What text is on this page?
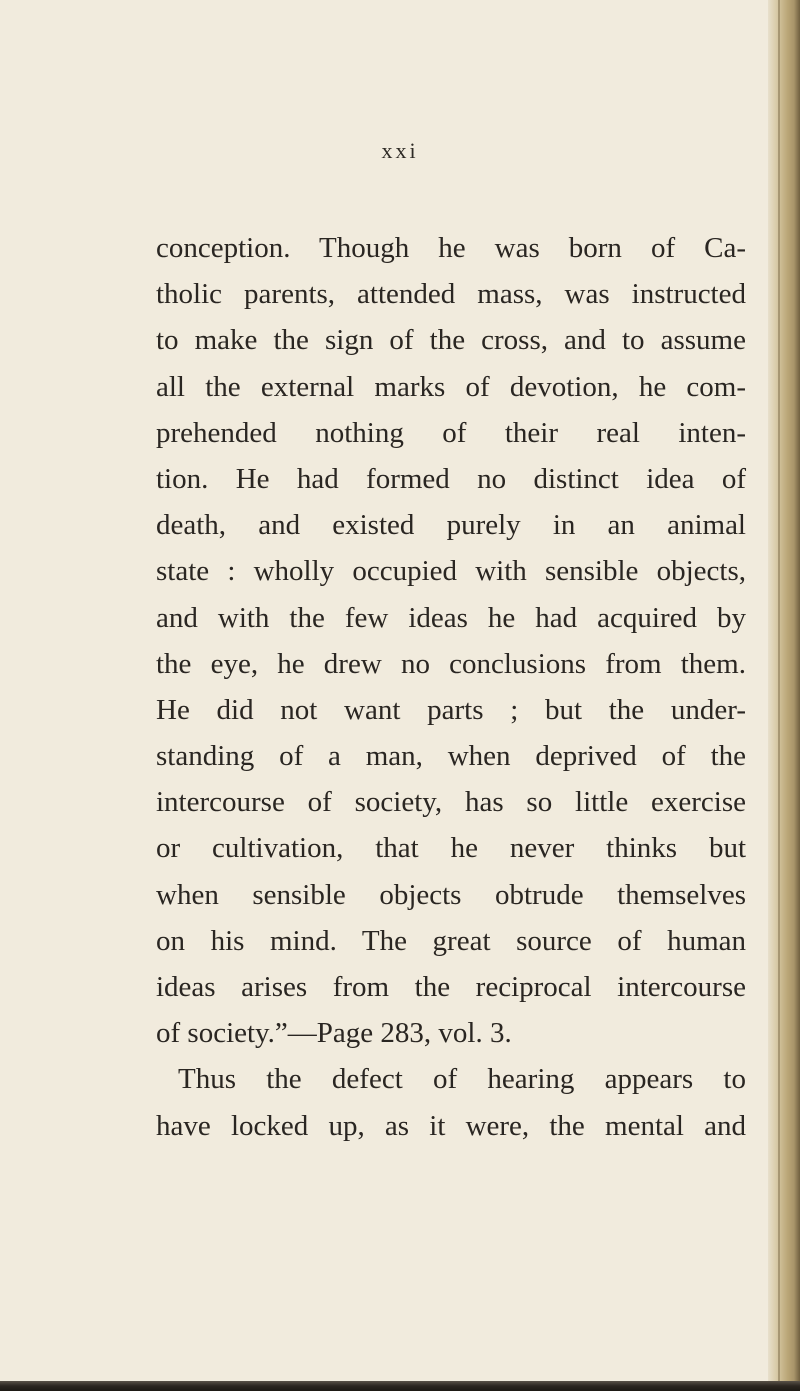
xxi
conception. Though he was born of Ca-
tholic parents, attended mass, was instructed
to make the sign of the cross, and to assume
all the external marks of devotion, he com-
prehended nothing of their real inten-
tion. He had formed no distinct idea of
death, and existed purely in an animal
state : wholly occupied with sensible objects,
and with the few ideas he had acquired by
the eye, he drew no conclusions from them.
He did not want parts ; but the under-
standing of a man, when deprived of the
intercourse of society, has so little exercise
or cultivation, that he never thinks but
when sensible objects obtrude themselves
on his mind. The great source of human
ideas arises from the reciprocal intercourse
of society.”—Page 283, vol. 3.
Thus the defect of hearing appears to
have locked up, as it were, the mental and
